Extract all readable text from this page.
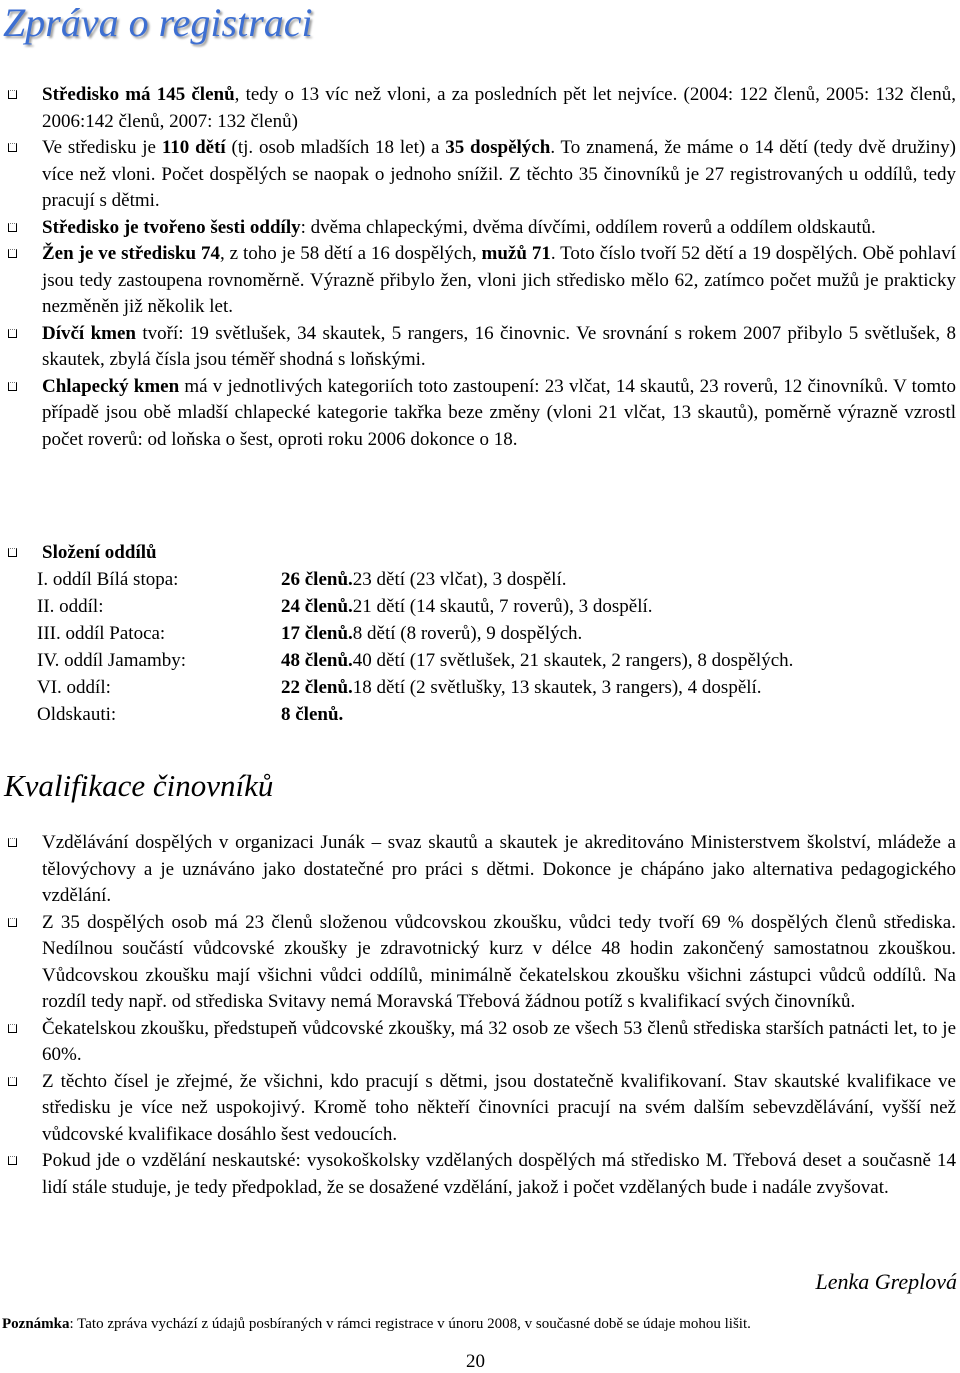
Zpráva o registraci
Středisko má 145 členů, tedy o 13 víc než vloni, a za posledních pět let nejvíce. (2004: 122 členů, 2005: 132 členů, 2006:142 členů, 2007: 132 členů)
Ve středisku je 110 dětí (tj. osob mladších 18 let) a 35 dospělých. To znamená, že máme o 14 dětí (tedy dvě družiny) více než vloni. Počet dospělých se naopak o jednoho snížil. Z těchto 35 činovníků je 27 registrovaných u oddílů, tedy pracují s dětmi.
Středisko je tvořeno šesti oddíly: dvěma chlapeckými, dvěma dívčími, oddílem roverů a oddílem oldskautů.
Žen je ve středisku 74, z toho je 58 dětí a 16 dospělých, mužů 71. Toto číslo tvoří 52 dětí a 19 dospělých. Obě pohlaví jsou tedy zastoupena rovnoměrně. Výrazně přibylo žen, vloni jich středisko mělo 62, zatímco počet mužů je prakticky nezměněn již několik let.
Dívčí kmen tvoří: 19 světlušek, 34 skautek, 5 rangers, 16 činovnic. Ve srovnání s rokem 2007 přibylo 5 světlušek, 8 skautek, zbylá čísla jsou téměř shodná s loňskými.
Chlapecký kmen má v jednotlivých kategoriích toto zastoupení: 23 vlčat, 14 skautů, 23 roverů, 12 činovníků. V tomto případě jsou obě mladší chlapecké kategorie takřka beze změny (vloni 21 vlčat, 13 skautů), poměrně výrazně vzrostl počet roverů: od loňska o šest, oproti roku 2006 dokonce o 18.
Složení oddílů
I. oddíl Bílá stopa:	26 členů. 23 dětí (23 vlčat), 3 dospělí.
II. oddíl:	24 členů. 21 dětí (14 skautů, 7 roverů), 3 dospělí.
III. oddíl Patoca:	17 členů. 8 dětí (8 roverů), 9 dospělých.
IV. oddíl Jamamby:	48 členů. 40 dětí (17 světlušek, 21 skautek, 2 rangers), 8 dospělých.
VI. oddíl:	22 členů. 18 dětí (2 světlušky, 13 skautek, 3 rangers), 4 dospělí.
Oldskauti:	8 členů.
Kvalifikace činovníků
Vzdělávání dospělých v organizaci Junák – svaz skautů a skautek je akreditováno Ministerstvem školství, mládeže a tělovýchovy a je uznáváno jako dostatečné pro práci s dětmi. Dokonce je chápáno jako alternativa pedagogického vzdělání.
Z 35 dospělých osob má 23 členů složenou vůdcovskou zkoušku, vůdci tedy tvoří 69 % dospělých členů střediska. Nedílnou součástí vůdcovské zkoušky je zdravotnický kurz v délce 48 hodin zakončený samostatnou zkouškou. Vůdcovskou zkoušku mají všichni vůdci oddílů, minimálně čekatelskou zkoušku všichni zástupci vůdců oddílů. Na rozdíl tedy např. od střediska Svitavy nemá Moravská Třebová žádnou potíž s kvalifikací svých činovníků.
Čekatelskou zkoušku, předstupeň vůdcovské zkoušky, má 32 osob ze všech 53 členů střediska starších patnácti let, to je 60%.
Z těchto čísel je zřejmé, že všichni, kdo pracují s dětmi, jsou dostatečně kvalifikovaní. Stav skautské kvalifikace ve středisku je více než uspokojivý. Kromě toho někteří činovníci pracují na svém dalším sebevzdělávání, vyšší než vůdcovské kvalifikace dosáhlo šest vedoucích.
Pokud jde o vzdělání neskautské: vysokoškolsky vzdělaných dospělých má středisko M. Třebová deset a současně 14 lidí stále studuje, je tedy předpoklad, že se dosažené vzdělání, jakož i počet vzdělaných bude i nadále zvyšovat.
Lenka Greplová
Poznámka: Tato zpráva vychází z údajů posbíraných v rámci registrace v únoru 2008, v současné době se údaje mohou lišit.
20
